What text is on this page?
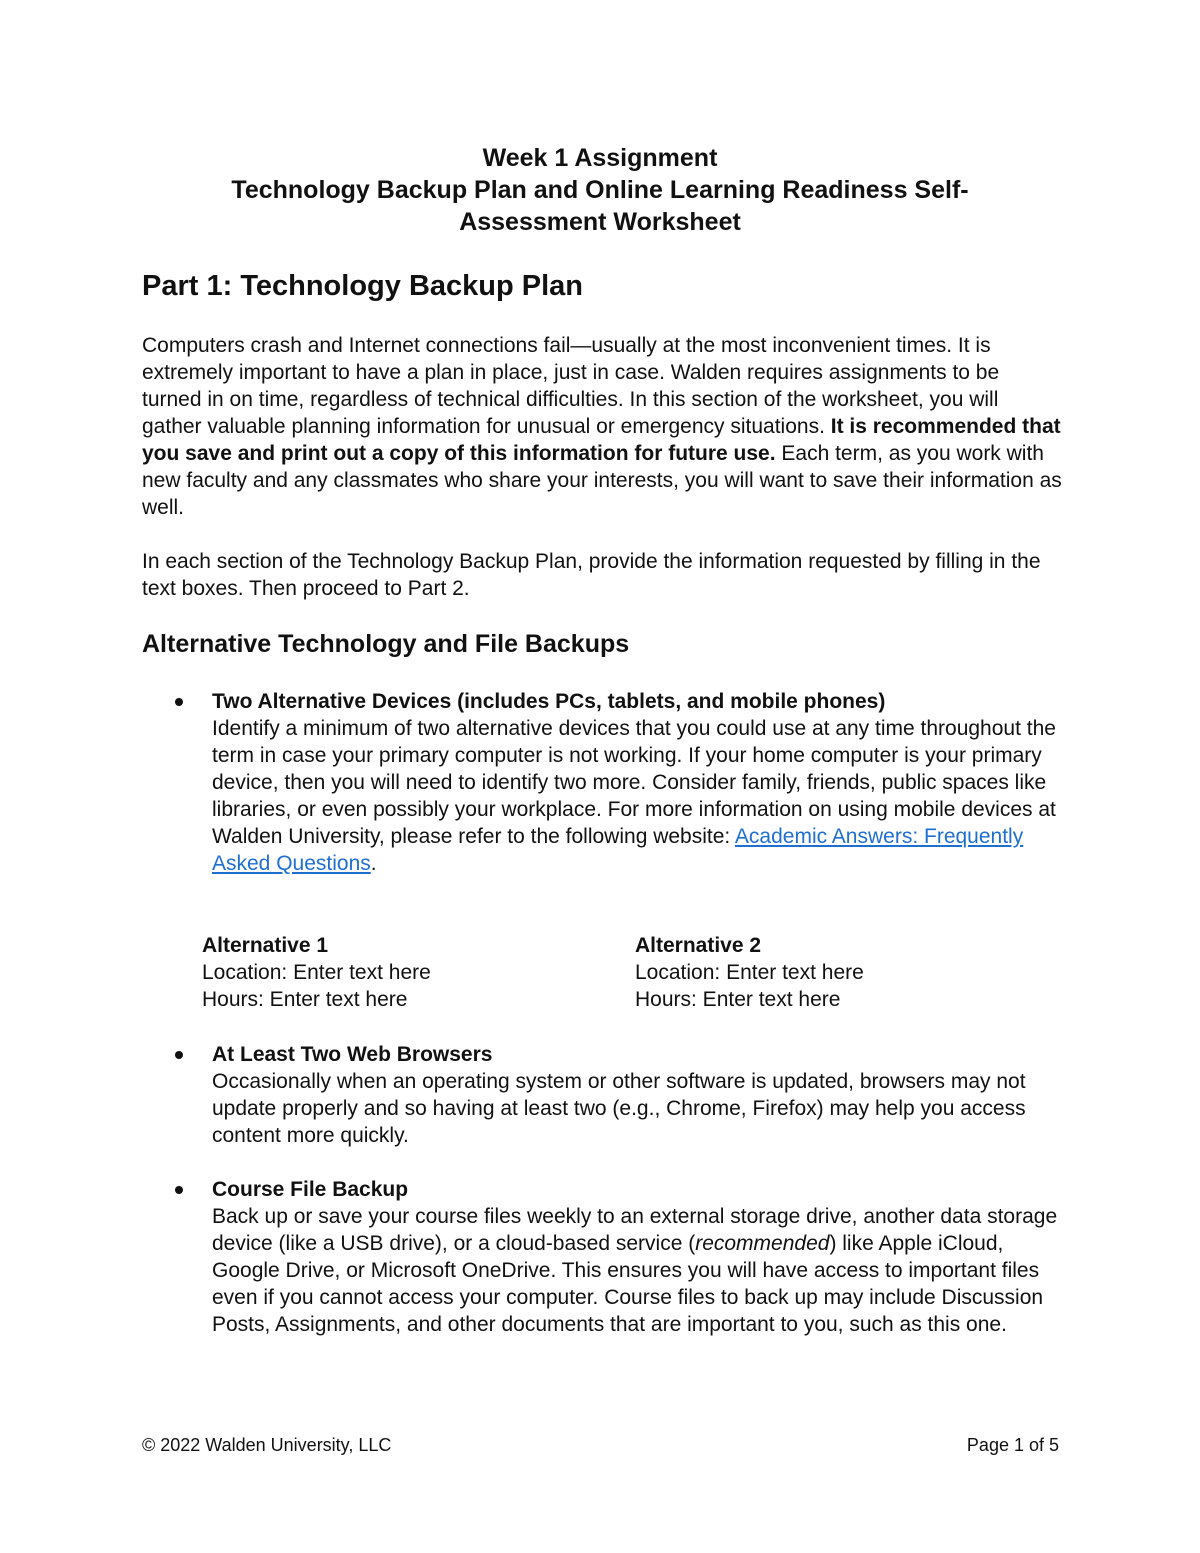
Week 1 Assignment

Technology Backup Plan and Online Learning Readiness Self-

Assessment Worksheet

Part 1: Technology Backup Plan

Computers crash and Internet connections fail—usually at the most inconvenient times. It is extremely important to have a plan in place, just in case. Walden requires assignments to be turned in on time, regardless of technical difficulties. In this section of the worksheet, you will gather valuable planning information for unusual or emergency situations. It is recommended that you save and print out a copy of this information for future use. Each term, as you work with new faculty and any classmates who share your interests, you will want to save their information as well.

In each section of the Technology Backup Plan, provide the information requested by filling in the text boxes. Then proceed to Part 2.

Alternative Technology and File Backups
Two Alternative Devices (includes PCs, tablets, and mobile phones)
Identify a minimum of two alternative devices that you could use at any time throughout the term in case your primary computer is not working. If your home computer is your primary device, then you will need to identify two more. Consider family, friends, public spaces like libraries, or even possibly your workplace. For more information on using mobile devices at Walden University, please refer to the following website: Academic Answers: Frequently Asked Questions.
Alternative 1
Location: Enter text here
Hours: Enter text here
Alternative 2
Location: Enter text here
Hours: Enter text here
At Least Two Web Browsers
Occasionally when an operating system or other software is updated, browsers may not update properly and so having at least two (e.g., Chrome, Firefox) may help you access content more quickly.
Course File Backup
Back up or save your course files weekly to an external storage drive, another data storage device (like a USB drive), or a cloud-based service (recommended) like Apple iCloud, Google Drive, or Microsoft OneDrive. This ensures you will have access to important files even if you cannot access your computer. Course files to back up may include Discussion Posts, Assignments, and other documents that are important to you, such as this one.
© 2022 Walden University, LLC	Page 1 of 5
